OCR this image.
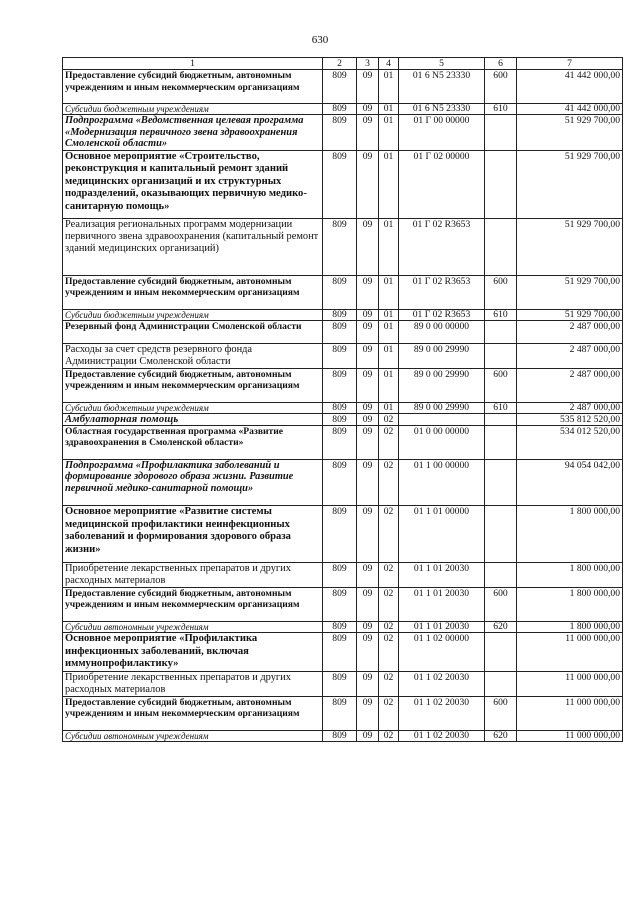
630
1	2	3	4	5	6	7
Предоставление субсидий бюджетным, автономным учреждениям и иным некоммерческим организациям	809	09	01	01 6 N5 23330	600	41 442 000,00
Субсидии бюджетным учреждениям	809	09	01	01 6 N5 23330	610	41 442 000,00
Подпрограмма «Ведомственная целевая программа «Модернизация первичного звена здравоохранения Смоленской области»	809	09	01	01 Г 00 00000		51 929 700,00
Основное мероприятие «Строительство, реконструкция и капитальный ремонт зданий медицинских организаций и их структурных подразделений, оказывающих первичную медико-санитарную помощь»	809	09	01	01 Г 02 00000		51 929 700,00
Реализация региональных программ модернизации первичного звена здравоохранения (капитальный ремонт зданий медицинских организаций)	809	09	01	01 Г 02 R3653		51 929 700,00
Предоставление субсидий бюджетным, автономным учреждениям и иным некоммерческим организациям	809	09	01	01 Г 02 R3653	600	51 929 700,00
Субсидии бюджетным учреждениям	809	09	01	01 Г 02 R3653	610	51 929 700,00
Резервный фонд Администрации Смоленской области	809	09	01	89 0 00 00000		2 487 000,00
Расходы за счет средств резервного фонда Администрации Смоленской области	809	09	01	89 0 00 29990		2 487 000,00
Предоставление субсидий бюджетным, автономным учреждениям и иным некоммерческим организациям	809	09	01	89 0 00 29990	600	2 487 000,00
Субсидии бюджетным учреждениям	809	09	01	89 0 00 29990	610	2 487 000,00
Амбулаторная помощь	809	09	02			535 812 520,00
Областная государственная программа «Развитие здравоохранения в Смоленской области»	809	09	02	01 0 00 00000		534 012 520,00
Подпрограмма «Профилактика заболеваний и формирование здорового образа жизни. Развитие первичной медико-санитарной помощи»	809	09	02	01 1 00 00000		94 054 042,00
Основное мероприятие «Развитие системы медицинской профилактики неинфекционных заболеваний и формирования здорового образа жизни»	809	09	02	01 1 01 00000		1 800 000,00
Приобретение лекарственных препаратов и других расходных материалов	809	09	02	01 1 01 20030		1 800 000,00
Предоставление субсидий бюджетным, автономным учреждениям и иным некоммерческим организациям	809	09	02	01 1 01 20030	600	1 800 000,00
Субсидии автономным учреждениям	809	09	02	01 1 01 20030	620	1 800 000,00
Основное мероприятие «Профилактика инфекционных заболеваний, включая иммунопрофилактику»	809	09	02	01 1 02 00000		11 000 000,00
Приобретение лекарственных препаратов и других расходных материалов	809	09	02	01 1 02 20030		11 000 000,00
Предоставление субсидий бюджетным, автономным учреждениям и иным некоммерческим организациям	809	09	02	01 1 02 20030	600	11 000 000,00
Субсидии автономным учреждениям	809	09	02	01 1 02 20030	620	11 000 000,00
